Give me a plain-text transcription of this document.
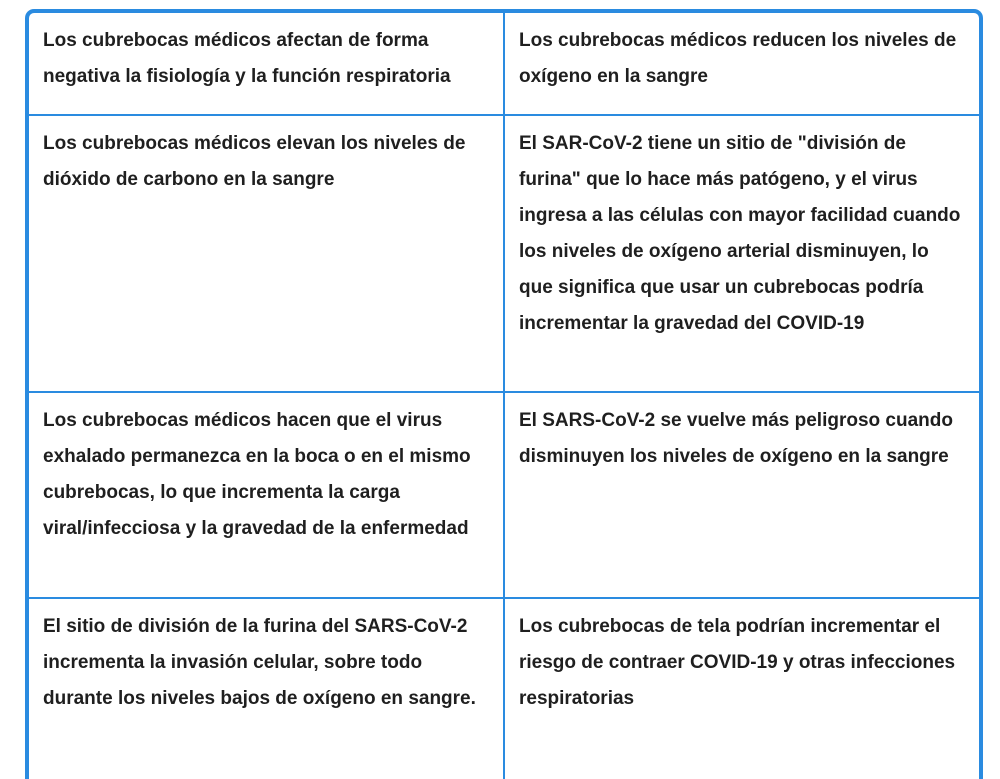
Los cubrebocas médicos afectan de forma negativa la fisiología y la función respiratoria	Los cubrebocas médicos reducen los niveles de oxígeno en la sangre

Los cubrebocas médicos elevan los niveles de dióxido de carbono en la sangre	El SAR-CoV-2 tiene un sitio de "división de furina" que lo hace más patógeno, y el virus ingresa a las células con mayor facilidad cuando los niveles de oxígeno arterial disminuyen, lo que significa que usar un cubrebocas podría incrementar la gravedad del COVID-19

Los cubrebocas médicos hacen que el virus exhalado permanezca en la boca o en el mismo cubrebocas, lo que incrementa la carga viral/infecciosa y la gravedad de la enfermedad	El SARS-CoV-2 se vuelve más peligroso cuando disminuyen los niveles de oxígeno en la sangre

El sitio de división de la furina del SARS-CoV-2 incrementa la invasión celular, sobre todo durante los niveles bajos de oxígeno en sangre.	Los cubrebocas de tela podrían incrementar el riesgo de contraer COVID-19 y otras infecciones respiratorias
